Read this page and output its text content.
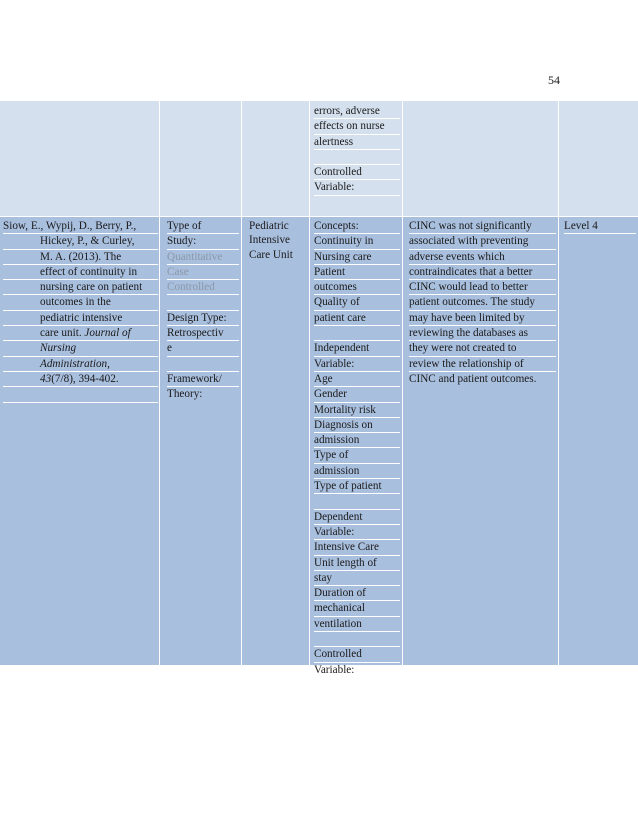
54
errors, adverse
effects on nurse
alertness

Controlled
Variable:
Siow, E., Wypij, D., Berry, P.,
Hickey, P., & Curley,
M. A. (2013). The
effect of continuity in
nursing care on patient
outcomes in the
pediatric intensive
care unit. Journal of
Nursing
Administration,
43(7/8), 394-402.

Type of
Study:
Quantitative
Case
Controlled

Design Type:
Retrospectiv
e

Framework/
Theory:
Pediatric
Intensive
Care Unit
Concepts:
Continuity in
Nursing care
Patient
outcomes
Quality of
patient care

Independent
Variable:
Age
Gender
Mortality risk
Diagnosis on
admission
Type of
admission
Type of patient

Dependent
Variable:
Intensive Care
Unit length of
stay
Duration of
mechanical
ventilation

Controlled
Variable:
CINC was not significantly
associated with preventing
adverse events which
contraindicates that a better
CINC would lead to better
patient outcomes. The study
may have been limited by
reviewing the databases as
they were not created to
review the relationship of
CINC and patient outcomes.
Level 4
